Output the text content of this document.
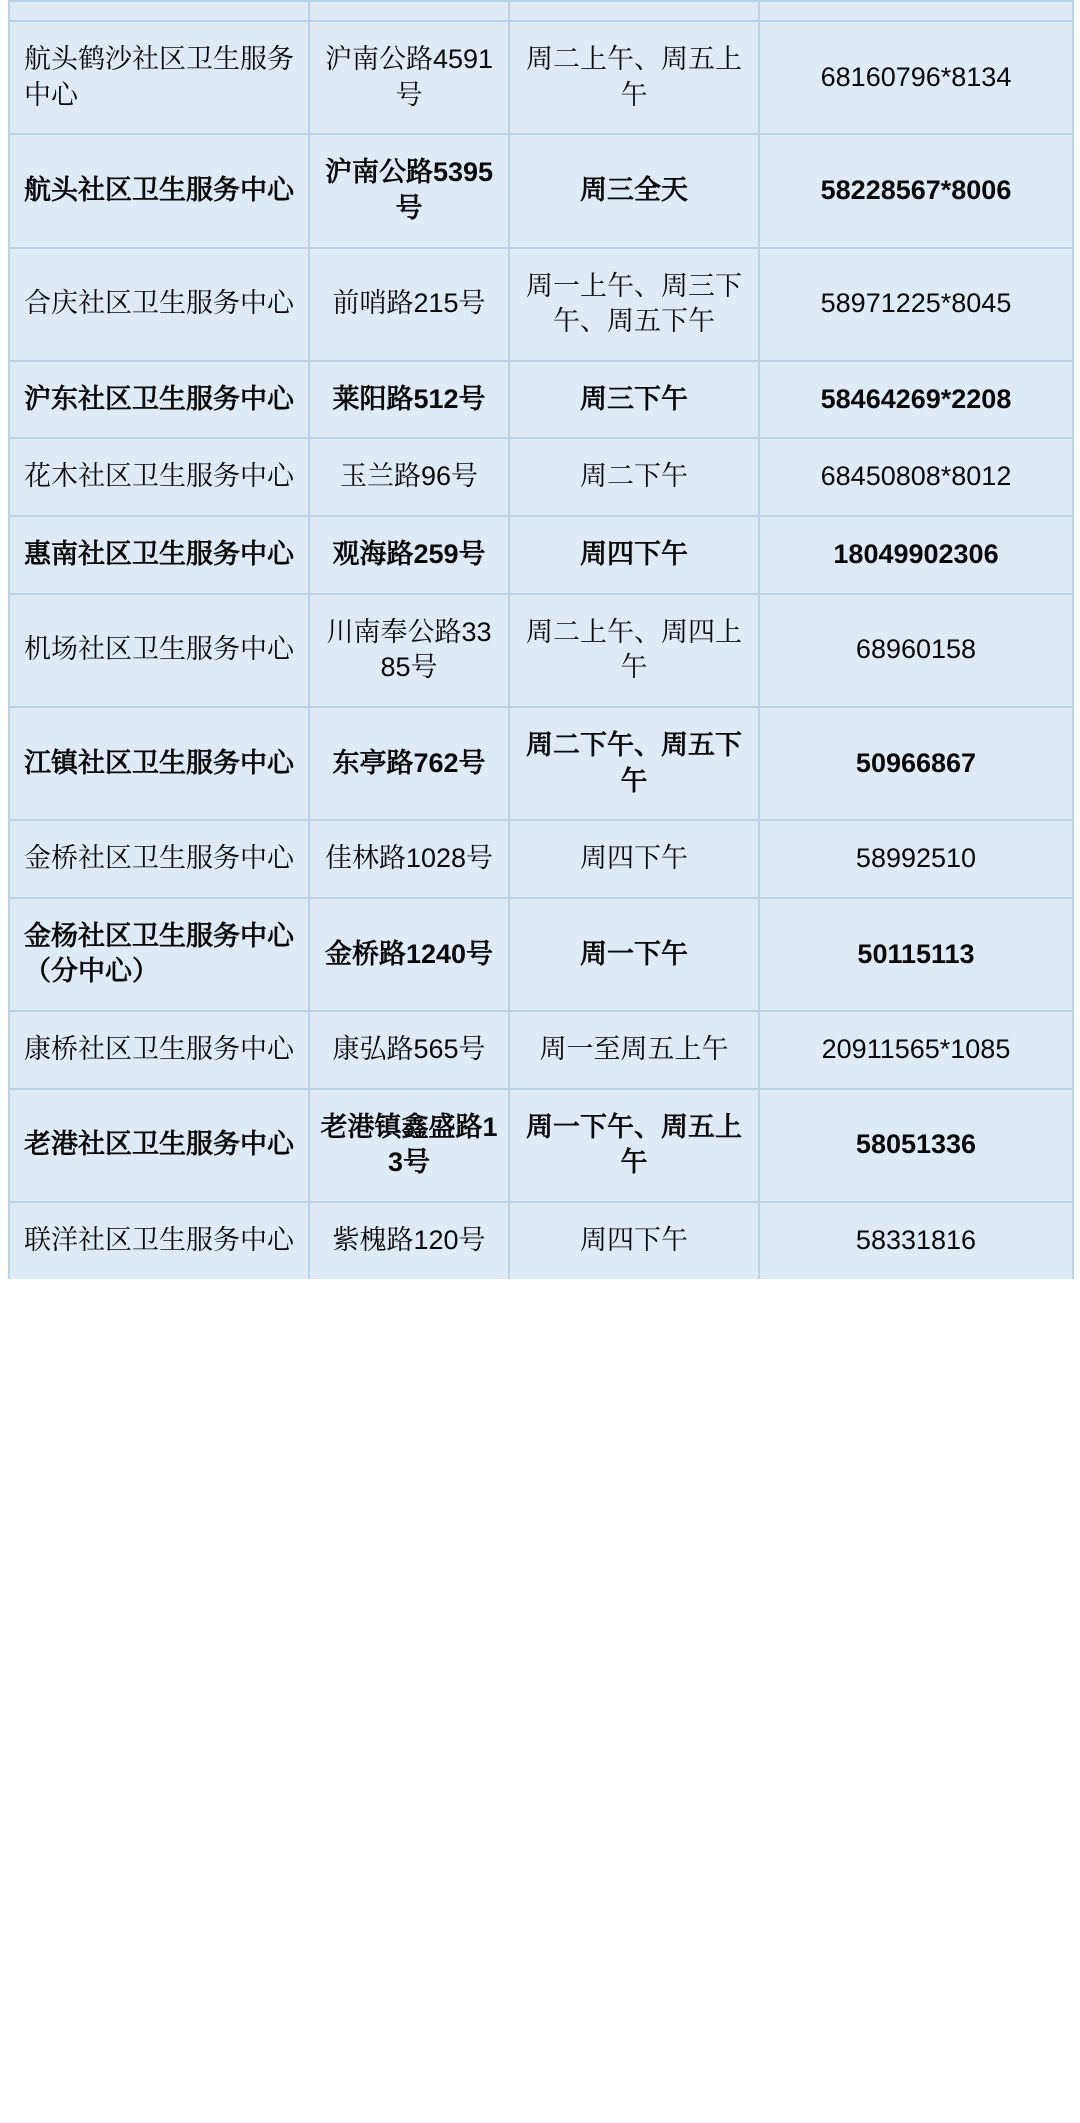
航头鹤沙社区卫生服务中心	沪南公路4591号	周二上午、周五上午	68160796*8134
航头社区卫生服务中心	沪南公路5395号	周三全天	58228567*8006
合庆社区卫生服务中心	前哨路215号	周一上午、周三下午、周五下午	58971225*8045
沪东社区卫生服务中心	莱阳路512号	周三下午	58464269*2208
花木社区卫生服务中心	玉兰路96号	周二下午	68450808*8012
惠南社区卫生服务中心	观海路259号	周四下午	18049902306
机场社区卫生服务中心	川南奉公路3385号	周二上午、周四上午	68960158
江镇社区卫生服务中心	东亭路762号	周二下午、周五下午	50966867
金桥社区卫生服务中心	佳林路1028号	周四下午	58992510
金杨社区卫生服务中心（分中心）	金桥路1240号	周一下午	50115113
康桥社区卫生服务中心	康弘路565号	周一至周五上午	20911565*1085
老港社区卫生服务中心	老港镇鑫盛路13号	周一下午、周五上午	58051336
联洋社区卫生服务中心	紫槐路120号	周四下午	58331816
